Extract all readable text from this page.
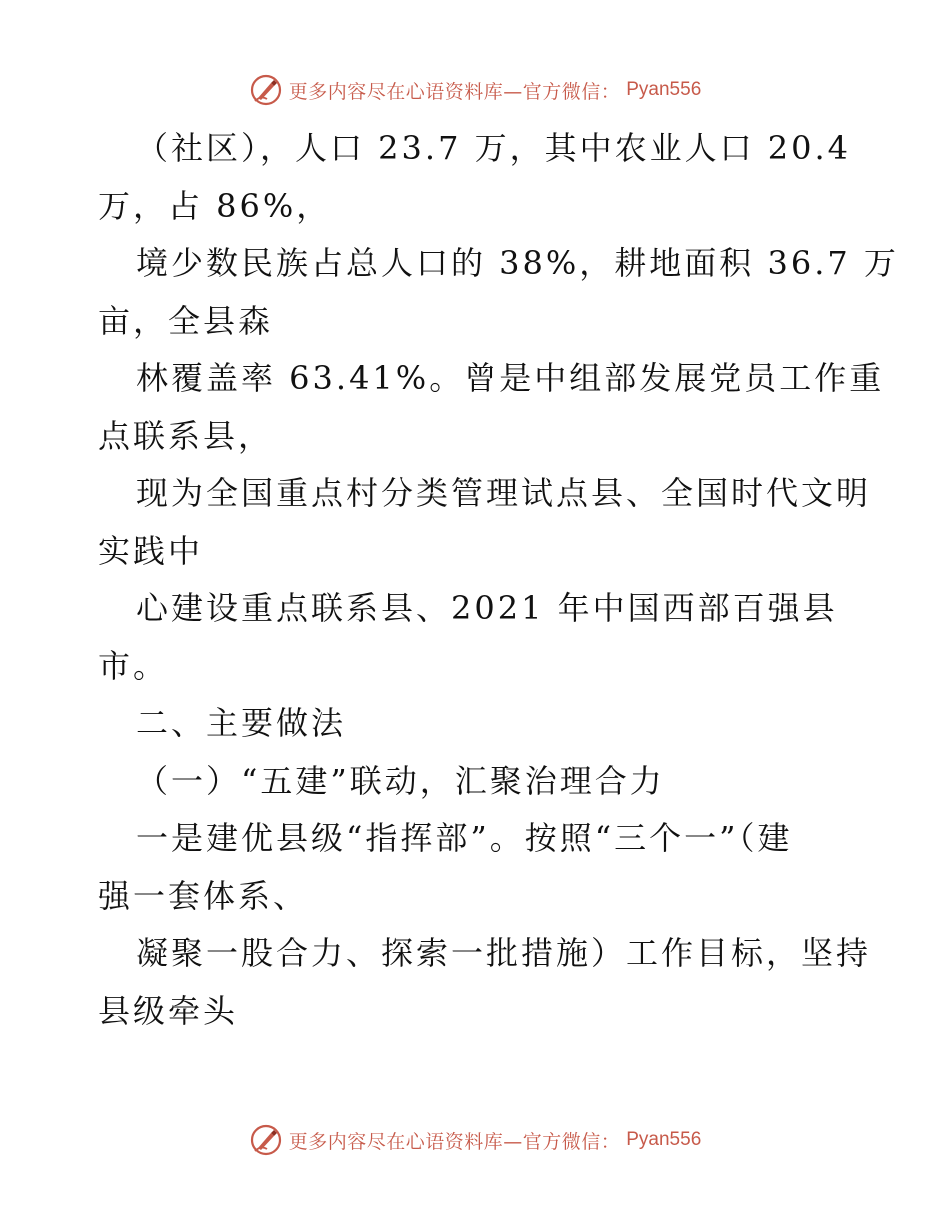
更多内容尽在心语资料库—官方微信： Pyan556
（社区），人口 23.7 万，其中农业人口 20.4
万，占 86%，
境少数民族占总人口的 38%，耕地面积 36.7 万
亩，全县森
林覆盖率 63.41%。曾是中组部发展党员工作重
点联系县，
现为全国重点村分类管理试点县、全国时代文明
实践中
心建设重点联系县、2021 年中国西部百强县
市。
二、主要做法
（一）“五建”联动，汇聚治理合力
一是建优县级“指挥部”。按照“三个一”（建
强一套体系、
凝聚一股合力、探索一批措施）工作目标，坚持
县级牵头
更多内容尽在心语资料库—官方微信： Pyan556
